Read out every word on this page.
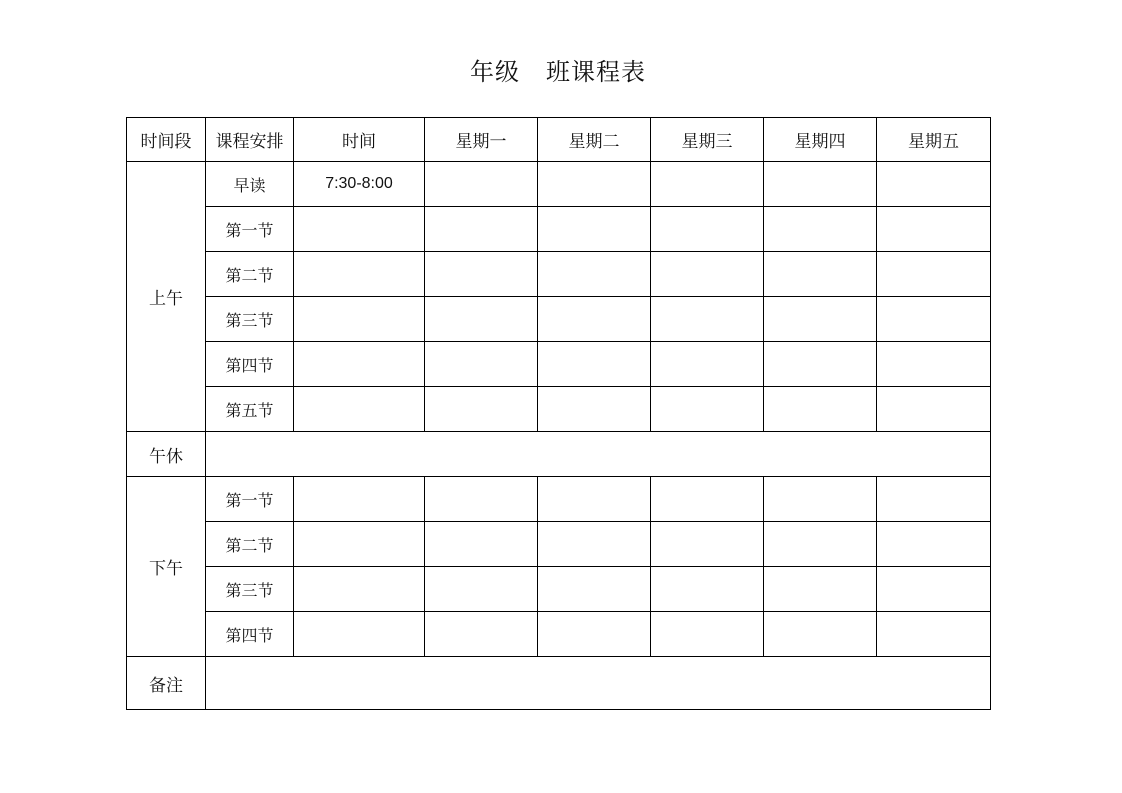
年级 班课程表
时间段	课程安排	时间	星期一	星期二	星期三	星期四	星期五
上午	早读	7:30-8:00					
	第一节						
	第二节						
	第三节						
	第四节						
	第五节						
午休							
下午	第一节						
	第二节						
	第三节						
	第四节						
备注							
